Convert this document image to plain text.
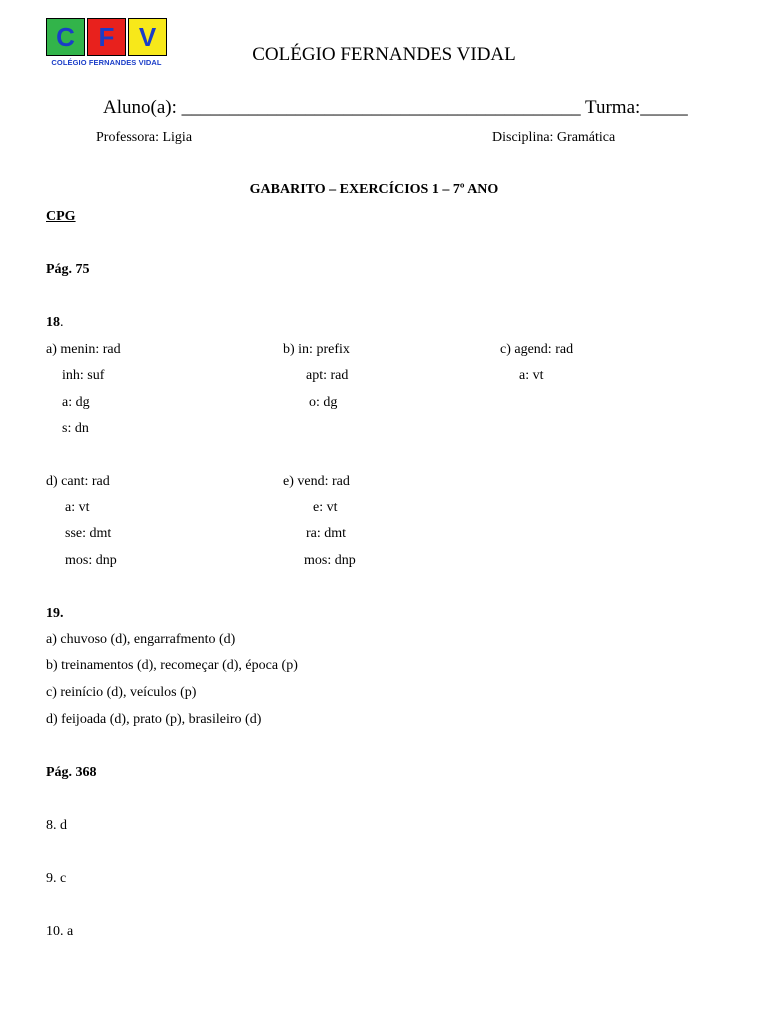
C F V
COLÉGIO FERNANDES VIDAL	COLÉGIO FERNANDES VIDAL
Aluno(a): __________________________________________ Turma:_____
Professora: Ligia	Disciplina: Gramática
GABARITO – EXERCÍCIOS 1 – 7º ANO
CPG
Pág. 75
18.
a) menin: rad
inh: suf
a: dg
s: dn
b) in: prefix
apt: rad
o: dg
c) agend: rad
a: vt
d) cant: rad
a: vt
sse: dmt
mos: dnp
e) vend: rad
e: vt
ra: dmt
mos: dnp
19.
a) chuvoso (d), engarrafmento (d)
b) treinamentos (d), recomeçar (d), época (p)
c) reinício (d), veículos (p)
d) feijoada (d), prato (p), brasileiro (d)
Pág. 368
8. d
9. c
10. a
